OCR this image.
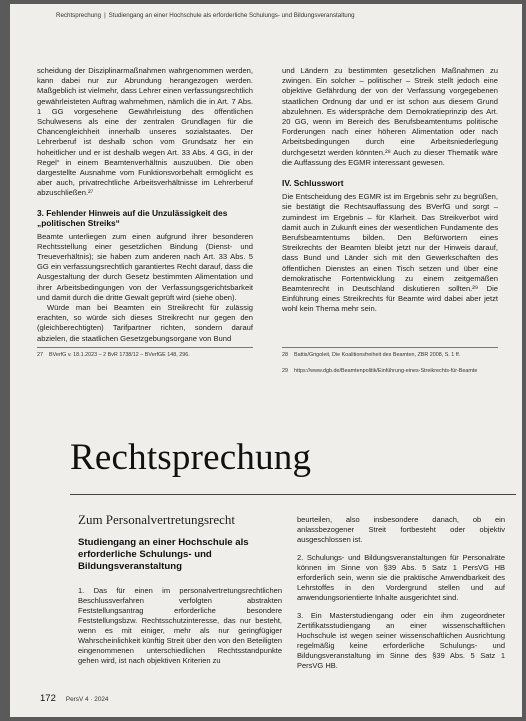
Rechtsprechung | Studiengang an einer Hochschule als erforderliche Schulungs- und Bildungsveranstaltung

scheidung der Disziplinarmaßnahmen wahrgenommen werden, kann dabei nur zur Abrundung herangezogen werden. Maßgeblich ist vielmehr, dass Lehrer einen verfassungsrechtlich gewährleisteten Auftrag wahrnehmen, nämlich die in Art. 7 Abs. 1 GG vorgesehene Gewährleistung des öffentlichen Schulwesens als eine der zentralen Grundlagen für die Chancengleichheit innerhalb unseres sozialstaates. Der Lehrerberuf ist deshalb schon vom Grundsatz her ein hoheitlicher und er ist deshalb wegen Art. 33 Abs. 4 GG, in der Regel“ in einem Beamtenverhältnis auszuüben. Die oben dargestellte Ausnahme vom Funktionsvorbehalt ermöglicht es aber auch, privatrechtliche Arbeitsverhältnisse im Lehrerberuf abzuschließen.²⁷

3. Fehlender Hinweis auf die Unzulässigkeit des „politischen Streiks“

Beamte unterliegen zum einen aufgrund ihrer besonderen Rechtsstellung einer gesetzlichen Bindung (Dienst- und Treueverhältnis); sie haben zum anderen nach Art. 33 Abs. 5 GG ein verfassungsrechtlich garantiertes Recht darauf, dass die Ausgestaltung der durch Gesetz bestimmten Alimentation und ihrer Arbeitsbedingungen von der Verfassungsgerichtsbarkeit und damit durch die dritte Gewalt geprüft wird (siehe oben).

Würde man bei Beamten ein Streikrecht für zulässig erachten, so würde sich dieses Streikrecht nur gegen den (gleichberechtigten) Tarifpartner richten, sondern darauf abzielen, die staatlichen Gesetzgebungsorgane von Bund

und Ländern zu bestimmten gesetzlichen Maßnahmen zu zwingen. Ein solcher – politischer – Streik stellt jedoch eine objektive Gefährdung der von der Verfassung vorgegebenen staatlichen Ordnung dar und er ist schon aus diesem Grund abzulehnen. Es widerspräche dem Demokratieprinzip des Art. 20 GG, wenn im Bereich des Berufsbeamtentums politische Forderungen nach einer höheren Alimentation oder nach Arbeitsbedingungen durch eine Arbeitsniederlegung durchgesetzt werden könnten.²⁸ Auch zu dieser Thematik wäre die Auffassung des EGMR interessant gewesen.

IV. Schlusswort

Die Entscheidung des EGMR ist im Ergebnis sehr zu begrüßen, sie bestätigt die Rechtsauffassung des BVerfG und sorgt – zumindest im Ergebnis – für Klarheit. Das Streikverbot wird damit auch in Zukunft eines der wesentlichen Fundamente des Berufsbeamtentums bilden. Den Befürwortern eines Streikrechts der Beamten bleibt jetzt nur der Hinweis darauf, dass Bund und Länder sich mit den Gewerkschaften des öffentlichen Dienstes an einen Tisch setzen und über eine demokratische Fortentwicklung zu einem zeitgemäßen Beamtenrecht in Deutschland diskutieren sollten.²⁹ Die Einführung eines Streikrechts für Beamte wird dabei aber jetzt wohl kein Thema mehr sein.

27 BVerfG v. 18.1.2023 – 2 BvR 1738/12 – BVerfGE 148, 296.	28 Battis/Grigoleit, Die Koalitionsfreiheit des Beamten, ZBR 2008, S. 1 ff.
29 https://www.dgb.de/Beamtenpolitik/Einführung-eines-Streikrechts-für-Beamte
Rechtsprechung
Zum Personalvertretungsrecht
Studiengang an einer Hochschule als erforderliche Schulungs- und Bildungsveranstaltung

1. Das für einen im personalvertretungsrechtlichen Beschlussverfahren verfolgten abstrakten Feststellungsantrag erforderliche besondere Feststellungsbzw. Rechtsschutzinteresse, das nur besteht, wenn es mit einiger, mehr als nur geringfügiger Wahrscheinlichkeit künftig Streit über den von den Beteiligten eingenommenen unterschiedlichen Rechtsstandpunkte gehen wird, ist nach objektiven Kriterien zu

beurteilen, also insbesondere danach, ob ein anlassbezogener Streit fortbesteht oder objektiv ausgeschlossen ist.

2. Schulungs- und Bildungsveranstaltungen für Personalräte können im Sinne von §39 Abs. 5 Satz 1 PersVG HB erforderlich sein, wenn sie die praktische Anwendbarkeit des Lehrstoffes in den Vordergrund stellen und auf anwendungsorientierte Inhalte ausgerichtet sind.

3. Ein Masterstudiengang oder ein ihm zugeordneter Zertifikatsstudiengang an einer wissenschaftlichen Hochschule ist wegen seiner wissenschaftlichen Ausrichtung regelmäßig keine erforderliche Schulungs- und Bildungsveranstaltung im Sinne des §39 Abs. 5 Satz 1 PersVG HB.

172 PersV 4 · 2024
